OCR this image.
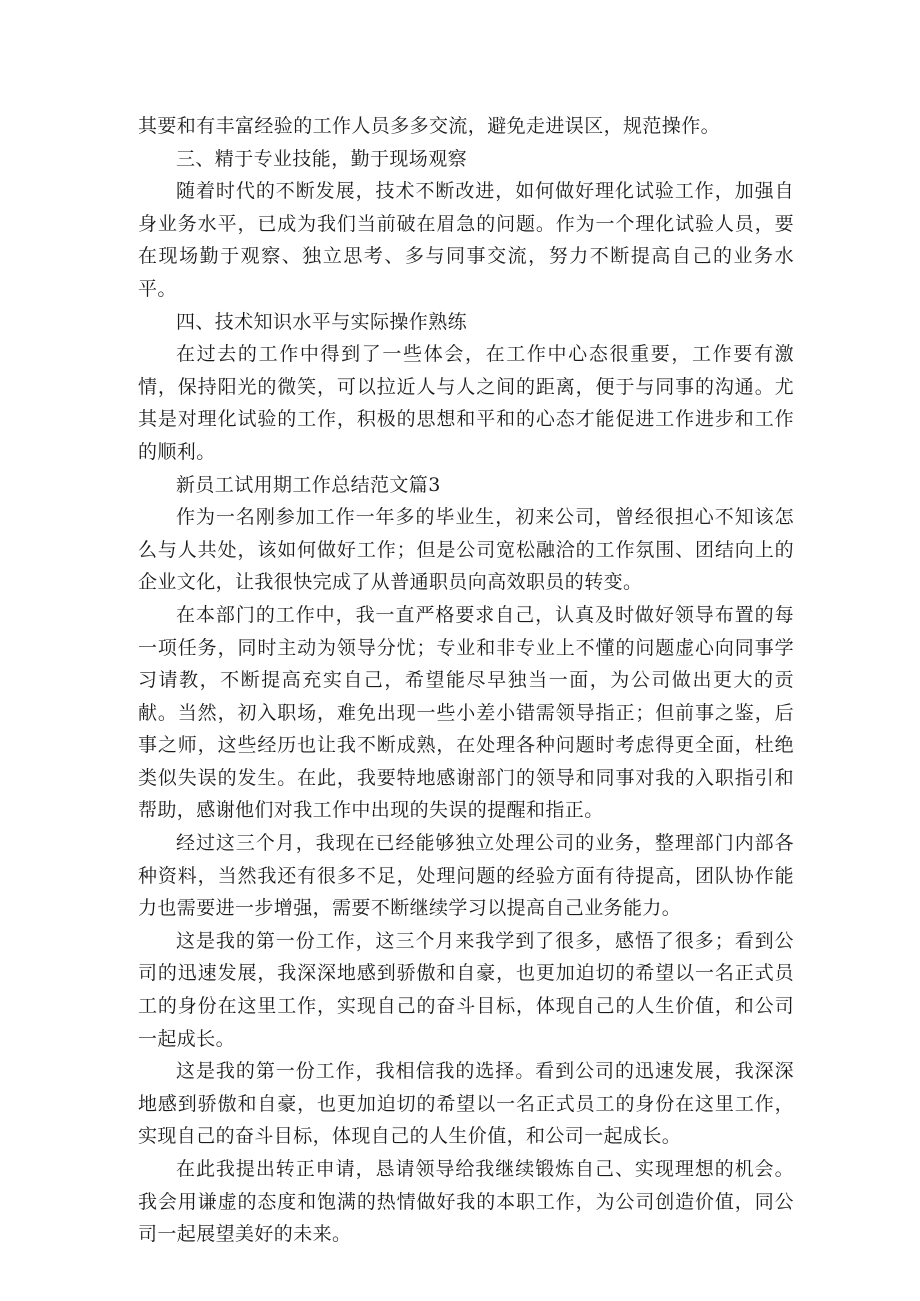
其要和有丰富经验的工作人员多多交流，避免走进误区，规范操作。

三、精于专业技能，勤于现场观察

随着时代的不断发展，技术不断改进，如何做好理化试验工作，加强自身业务水平，已成为我们当前破在眉急的问题。作为一个理化试验人员，要在现场勤于观察、独立思考、多与同事交流，努力不断提高自己的业务水平。

四、技术知识水平与实际操作熟练

在过去的工作中得到了一些体会，在工作中心态很重要，工作要有激情，保持阳光的微笑，可以拉近人与人之间的距离，便于与同事的沟通。尤其是对理化试验的工作，积极的思想和平和的心态才能促进工作进步和工作的顺利。

新员工试用期工作总结范文篇3

作为一名刚参加工作一年多的毕业生，初来公司，曾经很担心不知该怎么与人共处，该如何做好工作；但是公司宽松融洽的工作氛围、团结向上的企业文化，让我很快完成了从普通职员向高效职员的转变。

在本部门的工作中，我一直严格要求自己，认真及时做好领导布置的每一项任务，同时主动为领导分忧；专业和非专业上不懂的问题虚心向同事学习请教，不断提高充实自己，希望能尽早独当一面，为公司做出更大的贡献。当然，初入职场，难免出现一些小差小错需领导指正；但前事之鉴，后事之师，这些经历也让我不断成熟，在处理各种问题时考虑得更全面，杜绝类似失误的发生。在此，我要特地感谢部门的领导和同事对我的入职指引和帮助，感谢他们对我工作中出现的失误的提醒和指正。

经过这三个月，我现在已经能够独立处理公司的业务，整理部门内部各种资料，当然我还有很多不足，处理问题的经验方面有待提高，团队协作能力也需要进一步增强，需要不断继续学习以提高自己业务能力。

这是我的第一份工作，这三个月来我学到了很多，感悟了很多；看到公司的迅速发展，我深深地感到骄傲和自豪，也更加迫切的希望以一名正式员工的身份在这里工作，实现自己的奋斗目标，体现自己的人生价值，和公司一起成长。

这是我的第一份工作，我相信我的选择。看到公司的迅速发展，我深深地感到骄傲和自豪，也更加迫切的希望以一名正式员工的身份在这里工作，实现自己的奋斗目标，体现自己的人生价值，和公司一起成长。

在此我提出转正申请，恳请领导给我继续锻炼自己、实现理想的机会。我会用谦虚的态度和饱满的热情做好我的本职工作，为公司创造价值，同公司一起展望美好的未来。
